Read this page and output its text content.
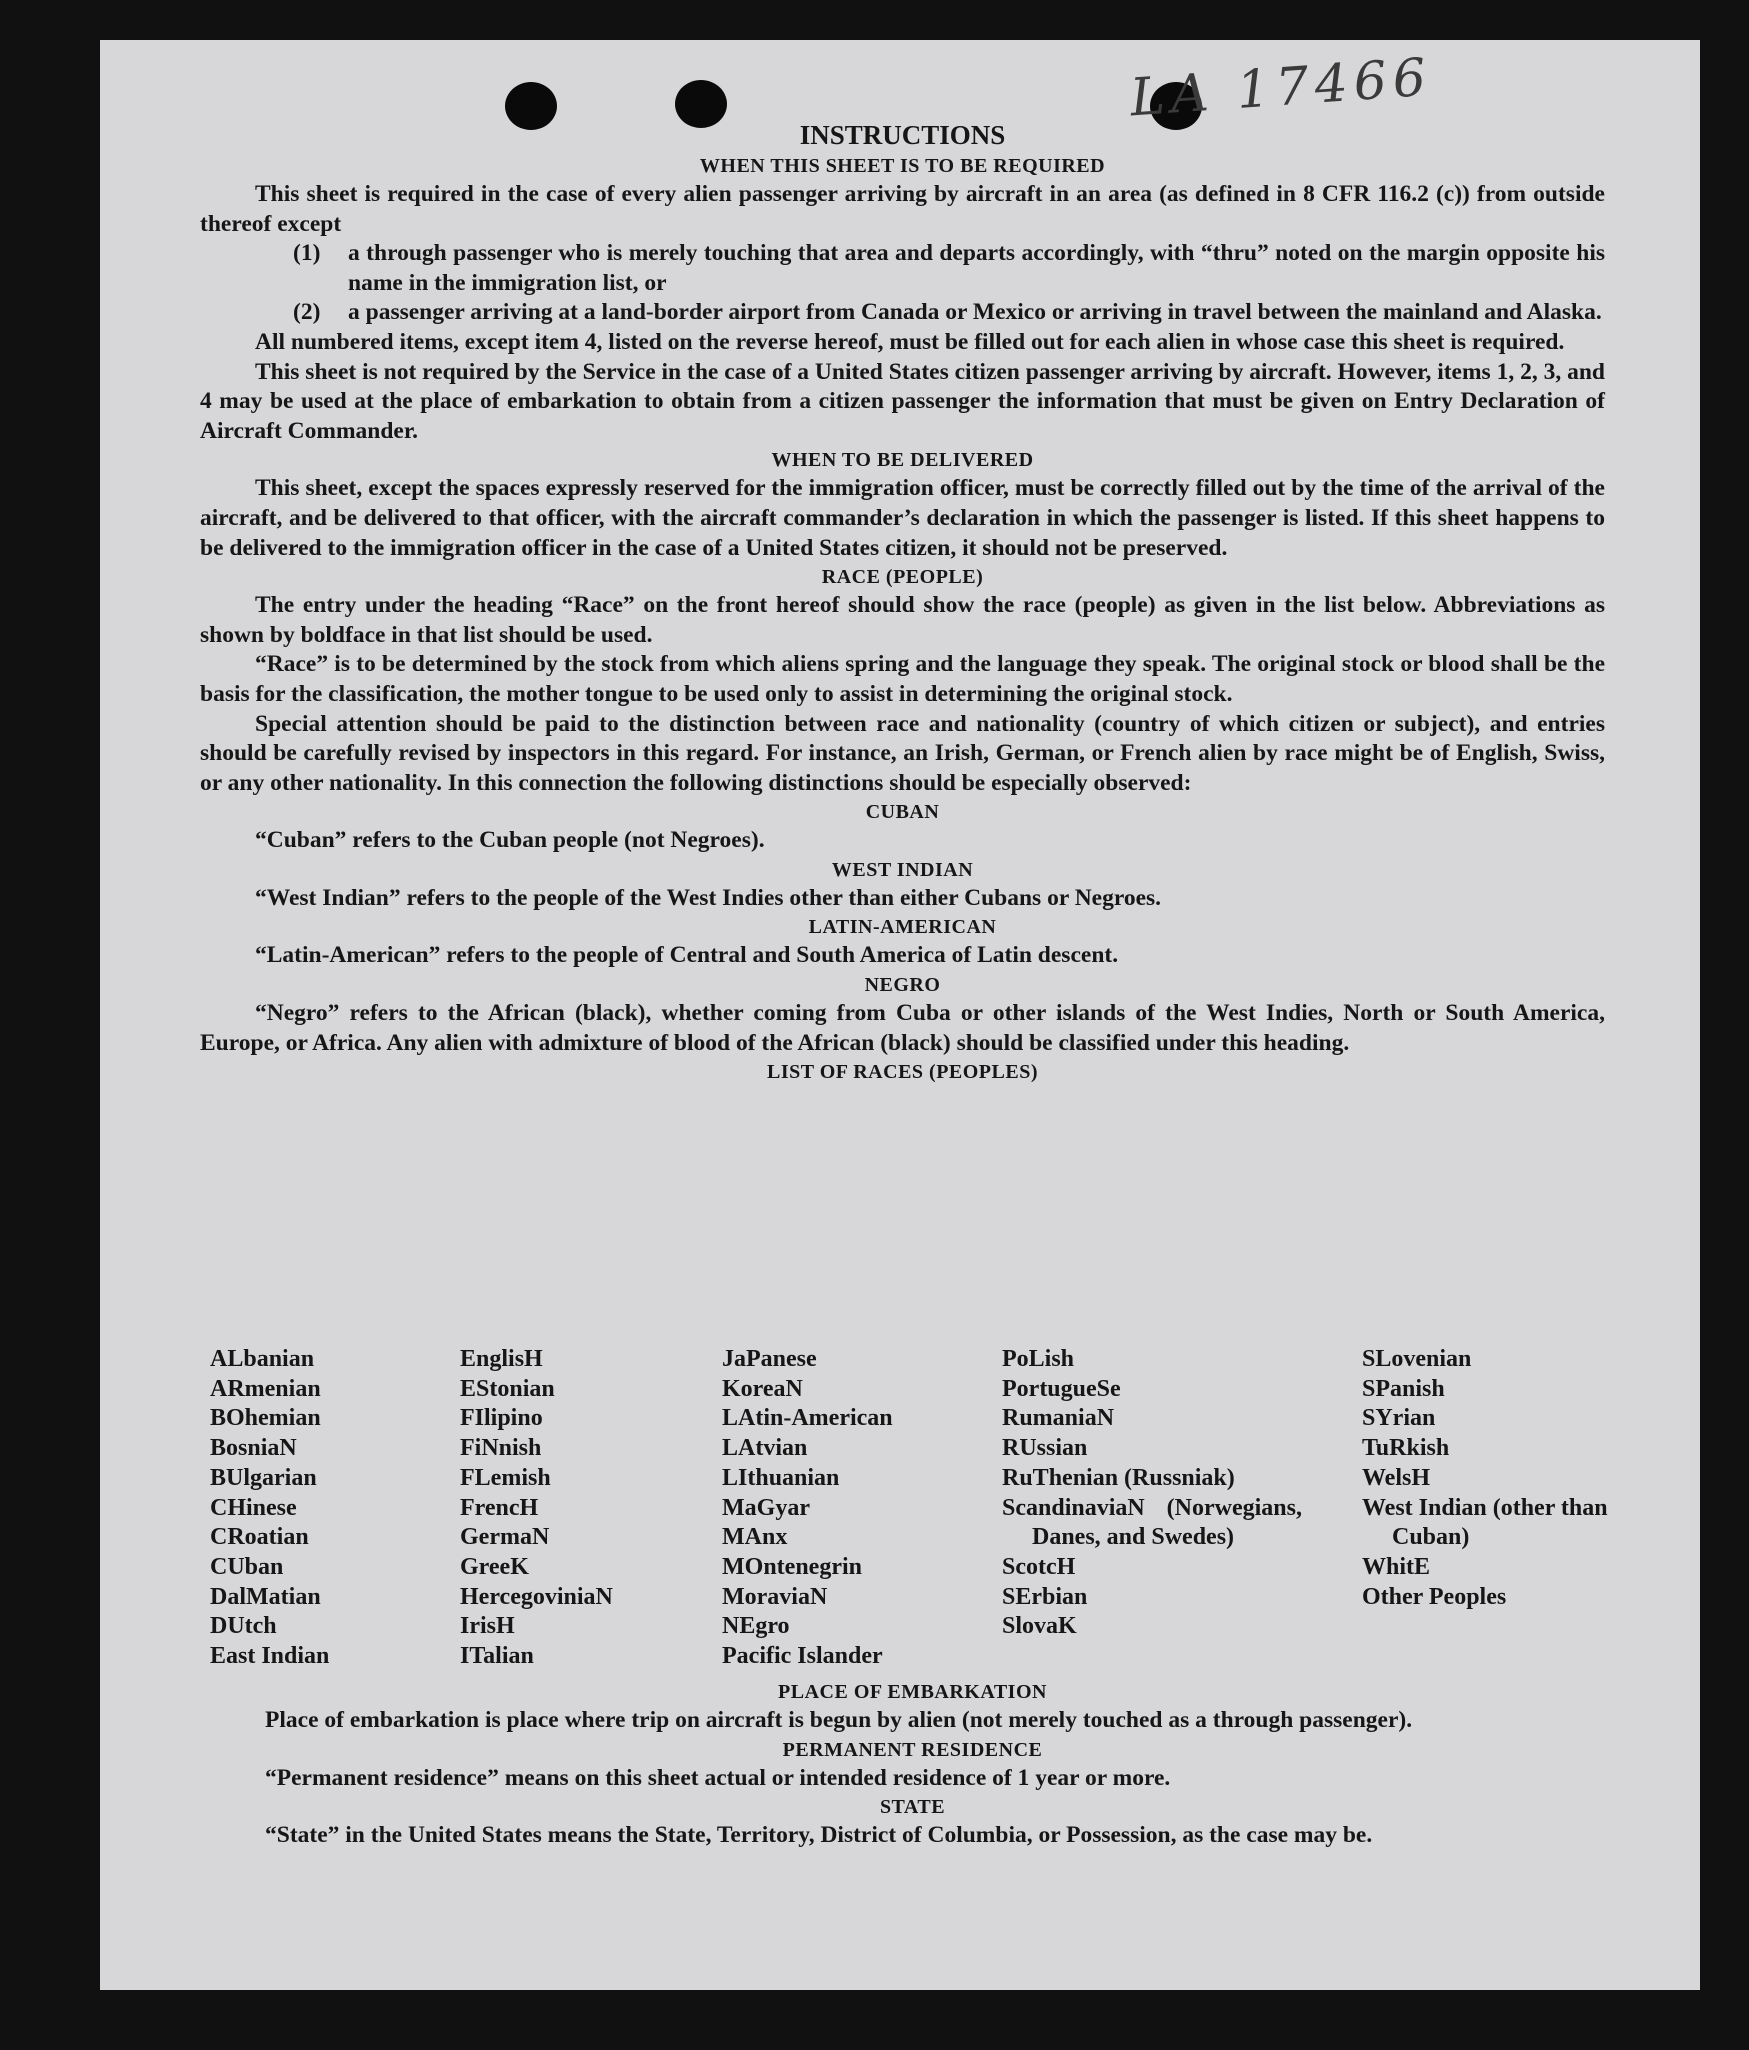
LA 17466
INSTRUCTIONS
WHEN THIS SHEET IS TO BE REQUIRED

This sheet is required in the case of every alien passenger arriving by aircraft in an area (as defined in 8 CFR 116.2 (c)) from outside thereof except

(1) a through passenger who is merely touching that area and departs accordingly, with “thru” noted on the margin opposite his name in the immigration list, or
(2) a passenger arriving at a land-border airport from Canada or Mexico or arriving in travel between the mainland and Alaska.

All numbered items, except item 4, listed on the reverse hereof, must be filled out for each alien in whose case this sheet is required.

This sheet is not required by the Service in the case of a United States citizen passenger arriving by aircraft. However, items 1, 2, 3, and 4 may be used at the place of embarkation to obtain from a citizen passenger the information that must be given on Entry Declaration of Aircraft Commander.

WHEN TO BE DELIVERED

This sheet, except the spaces expressly reserved for the immigration officer, must be correctly filled out by the time of the arrival of the aircraft, and be delivered to that officer, with the aircraft commander’s declaration in which the passenger is listed. If this sheet happens to be delivered to the immigration officer in the case of a United States citizen, it should not be preserved.

RACE (PEOPLE)

The entry under the heading “Race” on the front hereof should show the race (people) as given in the list below. Abbreviations as shown by boldface in that list should be used.

“Race” is to be determined by the stock from which aliens spring and the language they speak. The original stock or blood shall be the basis for the classification, the mother tongue to be used only to assist in determining the original stock.

Special attention should be paid to the distinction between race and nationality (country of which citizen or subject), and entries should be carefully revised by inspectors in this regard. For instance, an Irish, German, or French alien by race might be of English, Swiss, or any other nationality. In this connection the following distinctions should be especially observed:

CUBAN

“Cuban” refers to the Cuban people (not Negroes).

WEST INDIAN

“West Indian” refers to the people of the West Indies other than either Cubans or Negroes.

LATIN-AMERICAN

“Latin-American” refers to the people of Central and South America of Latin descent.

NEGRO

“Negro” refers to the African (black), whether coming from Cuba or other islands of the West Indies, North or South America, Europe, or Africa. Any alien with admixture of blood of the African (black) should be classified under this heading.

LIST OF RACES (PEOPLES)
ALbanian
ARmenian
BOhemian
BosniaN
BUlgarian
CHinese
CRoatian
CUban
DalMatian
DUtch
East Indian
EnglisH
EStonian
FIlipino
FiNnish
FLemish
FrencH
GermaN
GreeK
HercegoviniaN
IrisH
ITalian
JaPanese
KoreaN
LAtin-American
LAtvian
LIthuanian
MaGyar
MAnx
MOntenegrin
MoraviaN
NEgro
Pacific Islander
PoLish
PortugueSe
RumaniaN
RUssian
RuThenian (Russniak)
ScandinaviaN (Norwegians, Danes, and Swedes)
ScotcH
SErbian
SlovaK
SLovenian
SPanish
SYrian
TuRkish
WelsH
West Indian (other than Cuban)
WhitE
Other Peoples
PLACE OF EMBARKATION

Place of embarkation is place where trip on aircraft is begun by alien (not merely touched as a through passenger).

PERMANENT RESIDENCE

“Permanent residence” means on this sheet actual or intended residence of 1 year or more.

STATE

“State” in the United States means the State, Territory, District of Columbia, or Possession, as the case may be.
